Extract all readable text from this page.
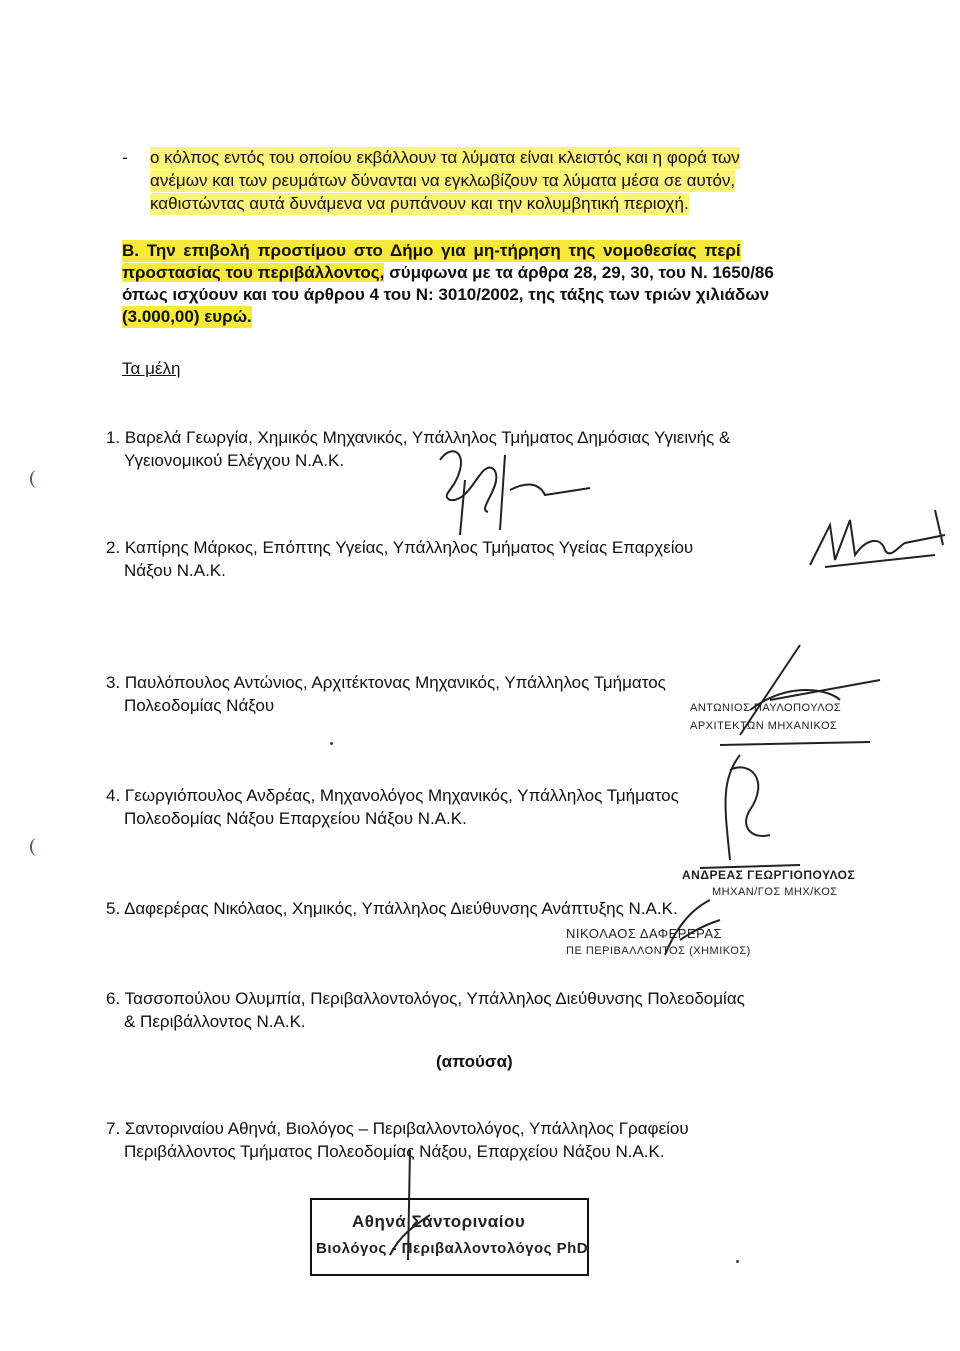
- ο κόλπος εντός του οποίου εκβάλλουν τα λύματα είναι κλειστός και η φορά των
ανέμων και των ρευμάτων δύνανται να εγκλωβίζουν τα λύματα μέσα σε αυτόν,
καθιστώντας αυτά δυνάμενα να ρυπάνουν και την κολυμβητική περιοχή.
Β. Την επιβολή προστίμου στο Δήμο για μη-τήρηση της νομοθεσίας περί
προστασίας του περιβάλλοντος, σύμφωνα με τα άρθρα 28, 29, 30, του Ν. 1650/86
όπως ισχύουν και του άρθρου 4 του Ν: 3010/2002, της τάξης των τριών χιλιάδων
(3.000,00) ευρώ.
Τα μέλη
1. Βαρελά Γεωργία, Χημικός Μηχανικός, Υπάλληλος Τμήματος Δημόσιας Υγιεινής &
Υγειονομικού Ελέγχου Ν.Α.Κ.
2. Καπίρης Μάρκος, Επόπτης Υγείας, Υπάλληλος Τμήματος Υγείας Επαρχείου
Νάξου Ν.Α.Κ.
3. Παυλόπουλος Αντώνιος, Αρχιτέκτονας Μηχανικός, Υπάλληλος Τμήματος
Πολεοδομίας Νάξου	ΑΝΤΩΝΙΟΣ ΠΑΥΛΟΠΟΥΛΟΣ
ΑΡΧΙΤΕΚΤΩΝ ΜΗΧΑΝΙΚΟΣ
4. Γεωργιόπουλος Ανδρέας, Μηχανολόγος Μηχανικός, Υπάλληλος Τμήματος
Πολεοδομίας Νάξου Επαρχείου Νάξου Ν.Α.Κ.
ΑΝΔΡΕΑΣ ΓΕΩΡΓΙΟΠΟΥΛΟΣ
ΜΗΧΑΝ/ΓΟΣ ΜΗΧ/ΚΟΣ
5. Δαφερέρας Νικόλαος, Χημικός, Υπάλληλος Διεύθυνσης Ανάπτυξης Ν.Α.Κ.
ΝΙΚΟΛΑΟΣ ΔΑΦΕΡΕΡΑΣ
ΠΕ ΠΕΡΙΒΑΛΛΟΝΤΟΣ (ΧΗΜΙΚΟΣ)
6. Τασσοπούλου Ολυμπία, Περιβαλλοντολόγος, Υπάλληλος Διεύθυνσης Πολεοδομίας
& Περιβάλλοντος Ν.Α.Κ.
(απούσα)
7. Σαντοριναίου Αθηνά, Βιολόγος – Περιβαλλοντολόγος, Υπάλληλος Γραφείου
Περιβάλλοντος Τμήματος Πολεοδομίας Νάξου, Επαρχείου Νάξου Ν.Α.Κ.
Αθηνά Σαντοριναίου
Βιολόγος - Περιβαλλοντολόγος PhD
